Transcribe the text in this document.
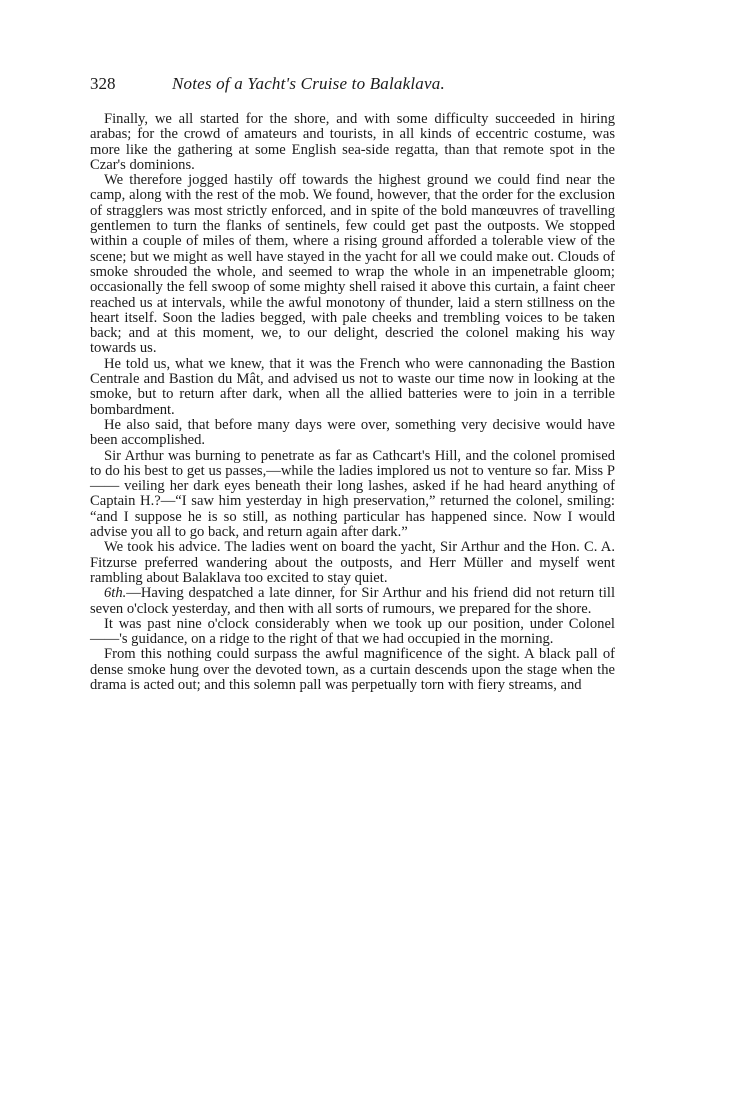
328	Notes of a Yacht's Cruise to Balaklava.

Finally, we all started for the shore, and with some difficulty succeeded in hiring arabas; for the crowd of amateurs and tourists, in all kinds of eccentric costume, was more like the gathering at some English sea-side regatta, than that remote spot in the Czar's dominions.

We therefore jogged hastily off towards the highest ground we could find near the camp, along with the rest of the mob. We found, however, that the order for the exclusion of stragglers was most strictly enforced, and in spite of the bold manœuvres of travelling gentlemen to turn the flanks of sentinels, few could get past the outposts. We stopped within a couple of miles of them, where a rising ground afforded a tolerable view of the scene; but we might as well have stayed in the yacht for all we could make out. Clouds of smoke shrouded the whole, and seemed to wrap the whole in an impenetrable gloom; occasionally the fell swoop of some mighty shell raised it above this curtain, a faint cheer reached us at intervals, while the awful monotony of thunder, laid a stern stillness on the heart itself. Soon the ladies begged, with pale cheeks and trembling voices to be taken back; and at this moment, we, to our delight, descried the colonel making his way towards us.

He told us, what we knew, that it was the French who were cannonading the Bastion Centrale and Bastion du Mât, and advised us not to waste our time now in looking at the smoke, but to return after dark, when all the allied batteries were to join in a terrible bombardment.

He also said, that before many days were over, something very decisive would have been accomplished.

Sir Arthur was burning to penetrate as far as Cathcart's Hill, and the colonel promised to do his best to get us passes,—while the ladies implored us not to venture so far. Miss P—— veiling her dark eyes beneath their long lashes, asked if he had heard anything of Captain H.?—“I saw him yesterday in high preservation,” returned the colonel, smiling: “and I suppose he is so still, as nothing particular has happened since. Now I would advise you all to go back, and return again after dark.”

We took his advice. The ladies went on board the yacht, Sir Arthur and the Hon. C. A. Fitzurse preferred wandering about the outposts, and Herr Müller and myself went rambling about Balaklava too excited to stay quiet.

6th.—Having despatched a late dinner, for Sir Arthur and his friend did not return till seven o'clock yesterday, and then with all sorts of rumours, we prepared for the shore.

It was past nine o'clock considerably when we took up our position, under Colonel ——'s guidance, on a ridge to the right of that we had occupied in the morning.

From this nothing could surpass the awful magnificence of the sight. A black pall of dense smoke hung over the devoted town, as a curtain descends upon the stage when the drama is acted out; and this solemn pall was perpetually torn with fiery streams, and
